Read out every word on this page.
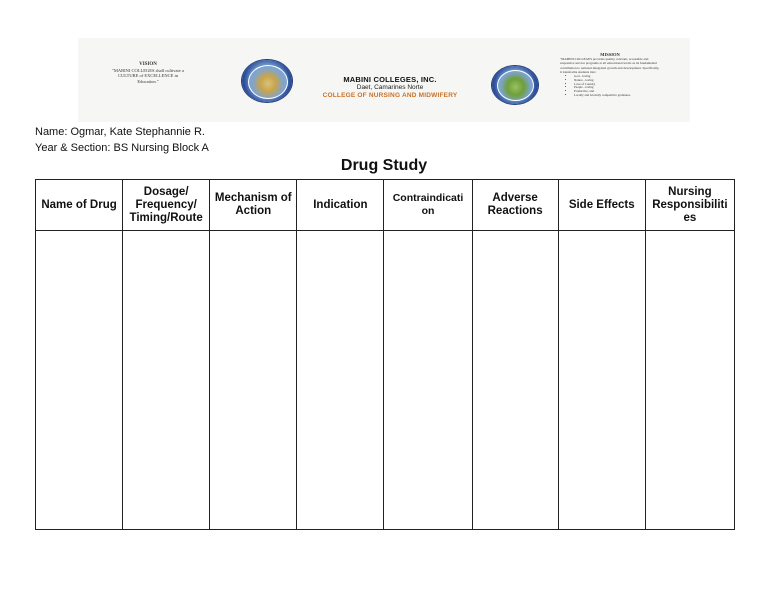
VISION
"MABINI COLLEGES shall cultivate a CULTURE of EXCELLENCE in Education."	MABINI COLLEGES, INC.
Daet, Camarines Norte
COLLEGE OF NURSING AND MIDWIFERY
MISSION
"MABINI COLLEGES provides quality, relevant, accessible and responsive service programs at all educational levels as its fundamental contribution to national integrated growth and development. Specifically, it transforms students into:
• God - loving
• Nature - loving
• Love of Country
• People - loving
• Productive, and
• Locally and Globally competitive graduates.
Name: Ogmar, Kate Stephannie R.
Year & Section: BS Nursing Block A
Drug Study
Name of Drug	Dosage/ Frequency/ Timing/Route	Mechanism of Action	Indication	Contraindicati on	Adverse Reactions	Side Effects	Nursing Responsibiliti es
